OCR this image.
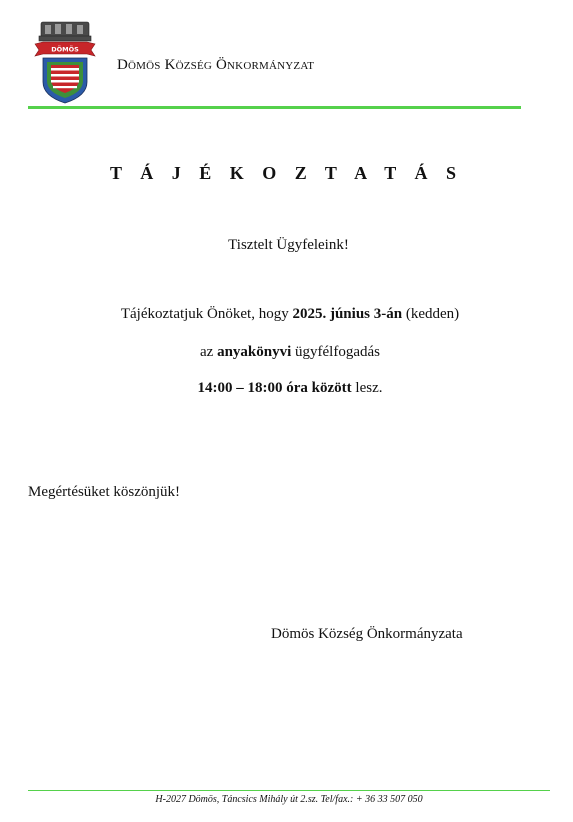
DÖMÖS
Dömös Község Önkormányzat
T Á J É K O Z T A T Á S
Tisztelt Ügyfeleink!
Tájékoztatjuk Önöket, hogy 2025. június 3-án (kedden)
az anyakönyvi ügyfélfogadás
14:00 – 18:00 óra között lesz.
Megértésüket köszönjük!
Dömös Község Önkormányzata
H-2027 Dömös, Táncsics Mihály út 2.sz. Tel/fax.: + 36 33 507 050
